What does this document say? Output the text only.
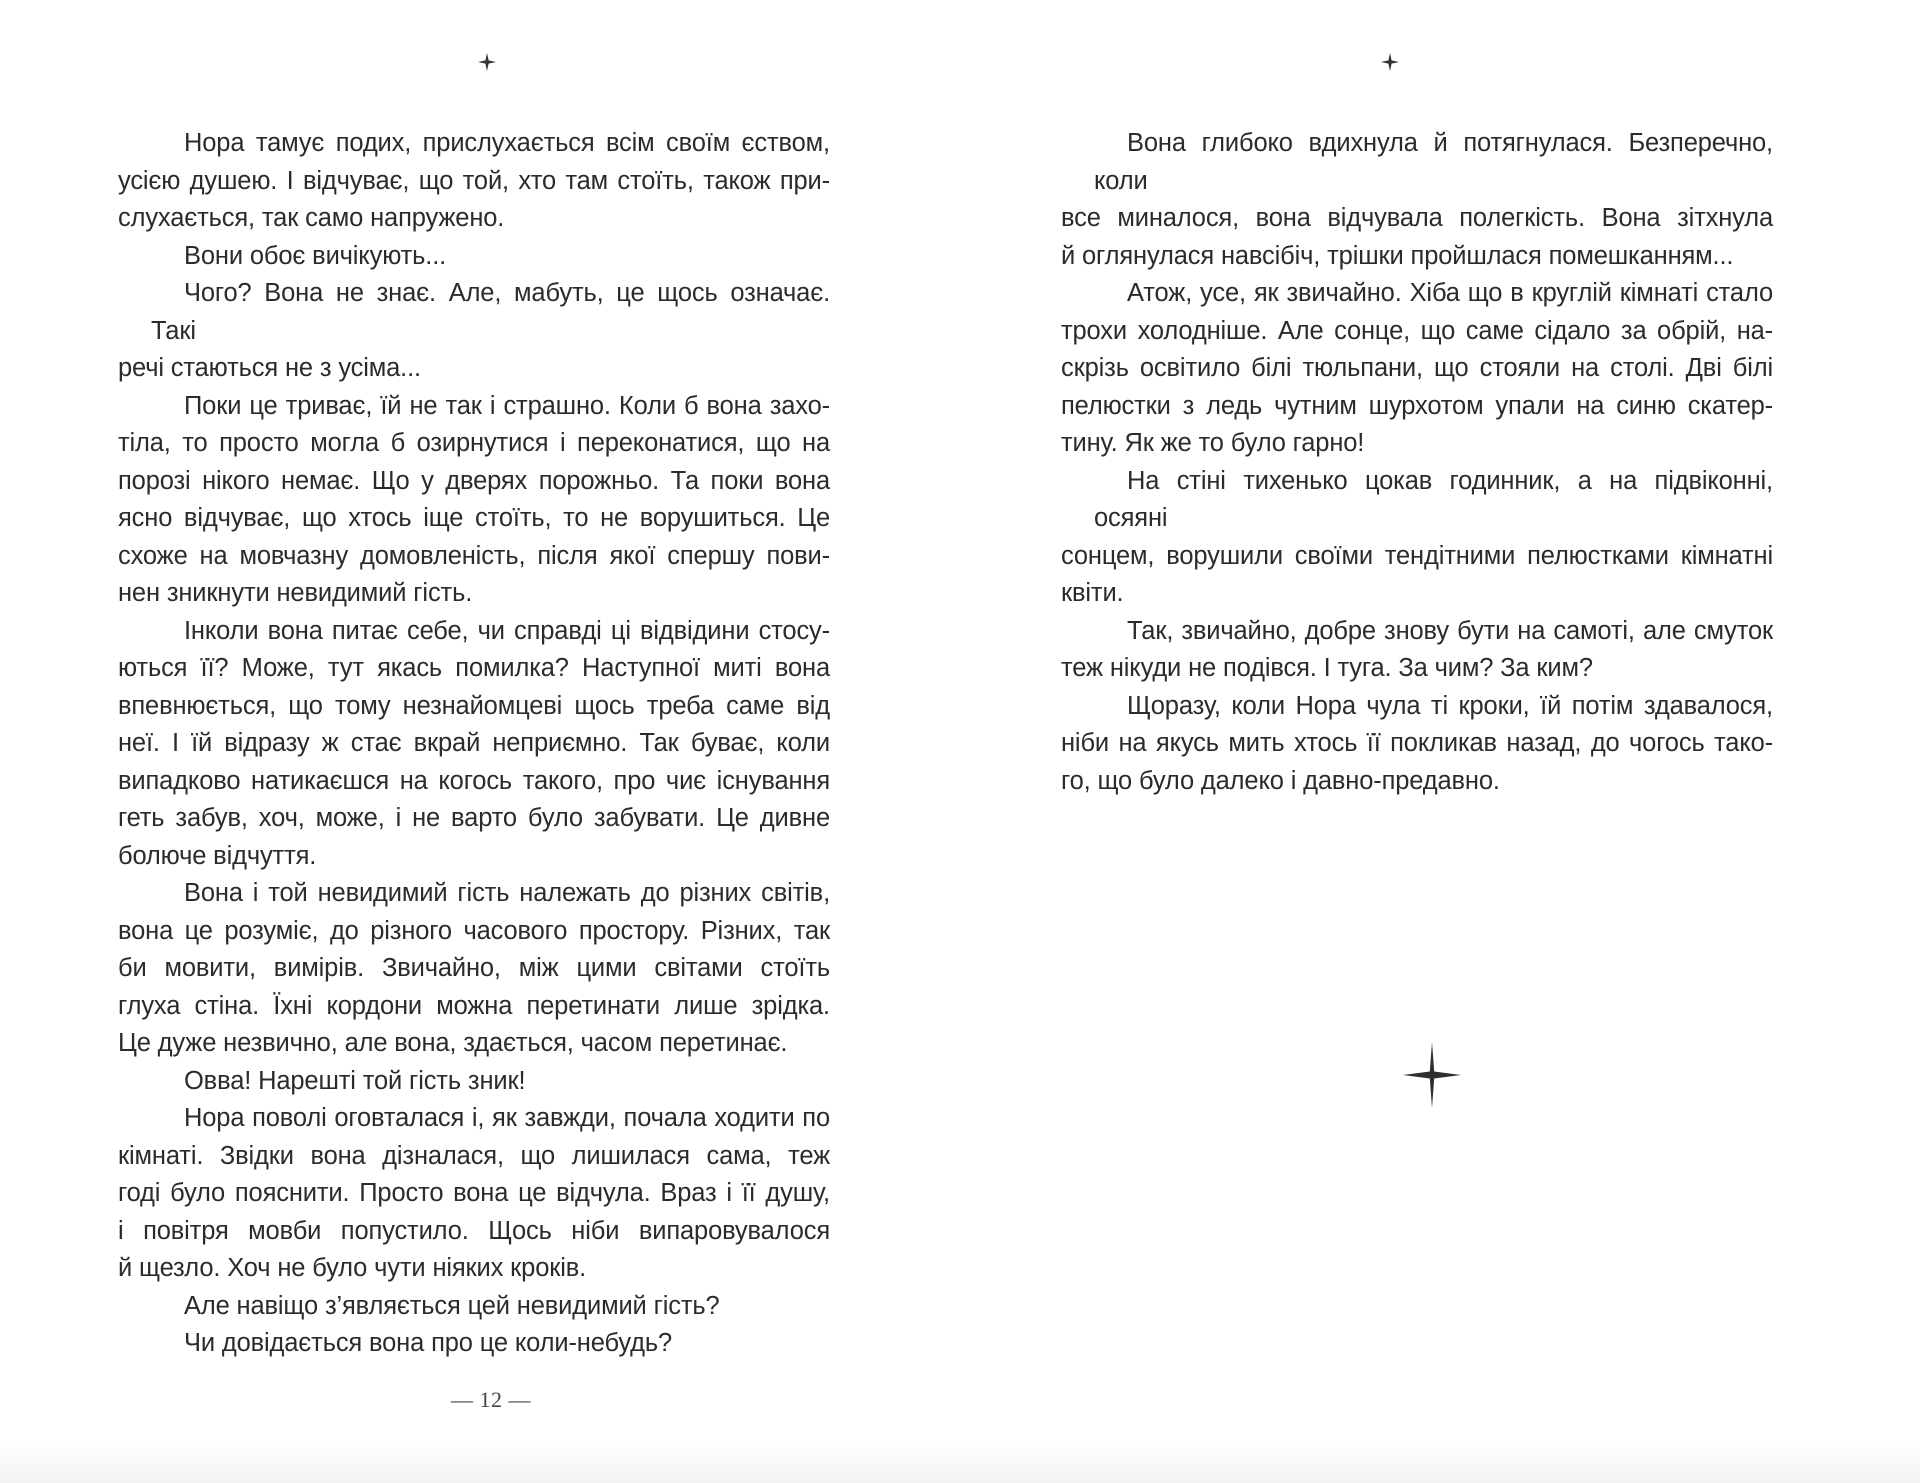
Нора тамує подих, прислухається всім своїм єством,
усією душею. І відчуває, що той, хто там стоїть, також при-
слухається, так само напружено.
Вони обоє вичікують...
Чого? Вона не знає. Але, мабуть, це щось означає. Такі
речі стаються не з усіма...
Поки це триває, їй не так і страшно. Коли б вона захо-
тіла, то просто могла б озирнутися і переконатися, що на
порозі нікого немає. Що у дверях порожньо. Та поки вона
ясно відчуває, що хтось іще стоїть, то не ворушиться. Це
схоже на мовчазну домовленість, після якої спершу пови-
нен зникнути невидимий гість.
Інколи вона питає себе, чи справді ці відвідини стосу-
ються її? Може, тут якась помилка? Наступної миті вона
впевнюється, що тому незнайомцеві щось треба саме від
неї. І їй відразу ж стає вкрай неприємно. Так буває, коли
випадково натикаєшся на когось такого, про чиє існування
геть забув, хоч, може, і не варто було забувати. Це дивне
болюче відчуття.
Вона і той невидимий гість належать до різних світів,
вона це розуміє, до різного часового простору. Різних, так
би мовити, вимірів. Звичайно, між цими світами стоїть
глуха стіна. Їхні кордони можна перетинати лише зрідка.
Це дуже незвично, але вона, здається, часом перетинає.
Овва! Нарешті той гість зник!
Нора поволі оговталася і, як завжди, почала ходити по
кімнаті. Звідки вона дізналася, що лишилася сама, теж
годі було пояснити. Просто вона це відчула. Враз і її душу,
і повітря мовби попустило. Щось ніби випаровувалося
й щезло. Хоч не було чути ніяких кроків.
Але навіщо з’являється цей невидимий гість?
Чи довідається вона про це коли-небудь?
— 12 —
Вона глибоко вдихнула й потягнулася. Безперечно, коли
все миналося, вона відчувала полегкість. Вона зітхнула
й оглянулася навсібіч, трішки пройшлася помешканням...
Атож, усе, як звичайно. Хіба що в круглій кімнаті стало
трохи холодніше. Але сонце, що саме сідало за обрій, на-
скрізь освітило білі тюльпани, що стояли на столі. Дві білі
пелюстки з ледь чутним шурхотом упали на синю скатер-
тину. Як же то було гарно!
На стіні тихенько цокав годинник, а на підвіконні, осяяні
сонцем, ворушили своїми тендітними пелюстками кімнатні
квіти.
Так, звичайно, добре знову бути на самоті, але смуток
теж нікуди не подівся. І туга. За чим? За ким?
Щоразу, коли Нора чула ті кроки, їй потім здавалося,
ніби на якусь мить хтось її покликав назад, до чогось тако-
го, що було далеко і давно-предавно.
